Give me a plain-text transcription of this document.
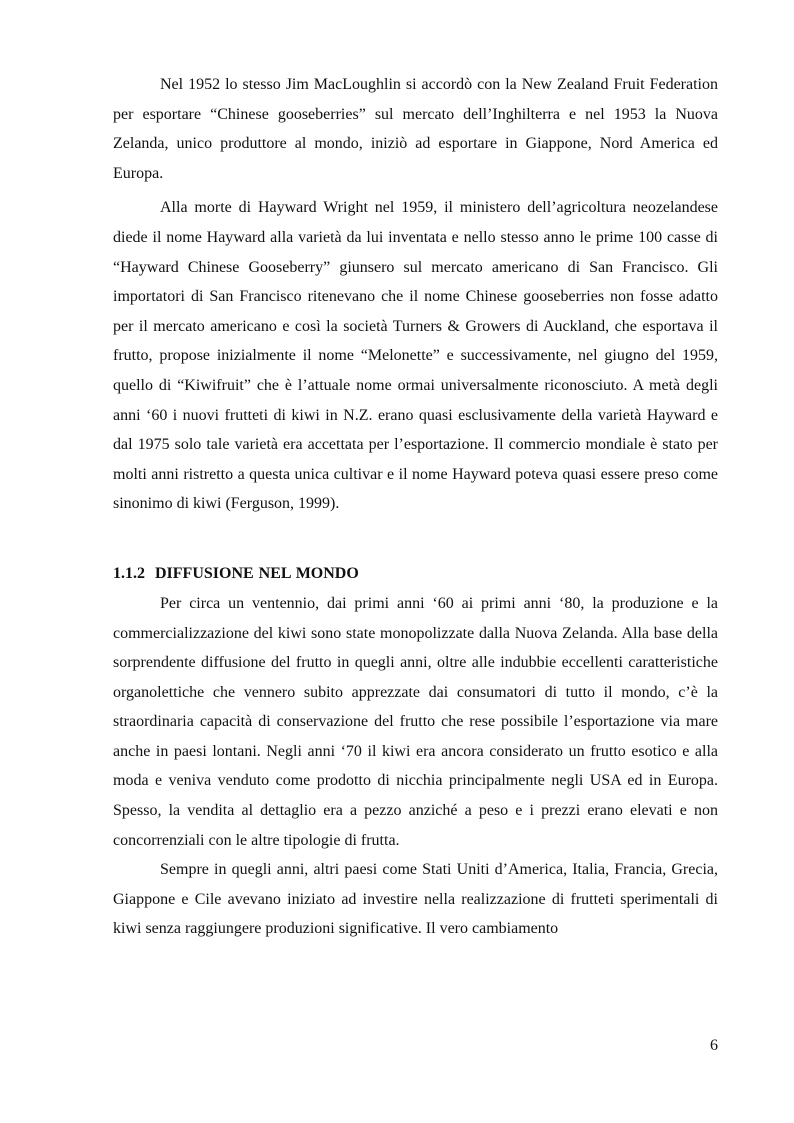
Nel 1952 lo stesso Jim MacLoughlin si accordò con la New Zealand Fruit Federation per esportare “Chinese gooseberries” sul mercato dell’Inghilterra e nel 1953 la Nuova Zelanda, unico produttore al mondo, iniziò ad esportare in Giappone, Nord America ed Europa.

Alla morte di Hayward Wright nel 1959, il ministero dell’agricoltura neozelandese diede il nome Hayward alla varietà da lui inventata e nello stesso anno le prime 100 casse di “Hayward Chinese Gooseberry” giunsero sul mercato americano di San Francisco. Gli importatori di San Francisco ritenevano che il nome Chinese gooseberries non fosse adatto per il mercato americano e così la società Turners & Growers di Auckland, che esportava il frutto, propose inizialmente il nome “Melonette” e successivamente, nel giugno del 1959, quello di “Kiwifruit” che è l’attuale nome ormai universalmente riconosciuto. A metà degli anni ‘60 i nuovi frutteti di kiwi in N.Z. erano quasi esclusivamente della varietà Hayward e dal 1975 solo tale varietà era accettata per l’esportazione. Il commercio mondiale è stato per molti anni ristretto a questa unica cultivar e il nome Hayward poteva quasi essere preso come sinonimo di kiwi (Ferguson, 1999).

1.1.2 DIFFUSIONE NEL MONDO

Per circa un ventennio, dai primi anni ‘60 ai primi anni ‘80, la produzione e la commercializzazione del kiwi sono state monopolizzate dalla Nuova Zelanda. Alla base della sorprendente diffusione del frutto in quegli anni, oltre alle indubbie eccellenti caratteristiche organolettiche che vennero subito apprezzate dai consumatori di tutto il mondo, c’è la straordinaria capacità di conservazione del frutto che rese possibile l’esportazione via mare anche in paesi lontani. Negli anni ‘70 il kiwi era ancora considerato un frutto esotico e alla moda e veniva venduto come prodotto di nicchia principalmente negli USA ed in Europa. Spesso, la vendita al dettaglio era a pezzo anziché a peso e i prezzi erano elevati e non concorrenziali con le altre tipologie di frutta.

Sempre in quegli anni, altri paesi come Stati Uniti d’America, Italia, Francia, Grecia, Giappone e Cile avevano iniziato ad investire nella realizzazione di frutteti sperimentali di kiwi senza raggiungere produzioni significative. Il vero cambiamento

6
